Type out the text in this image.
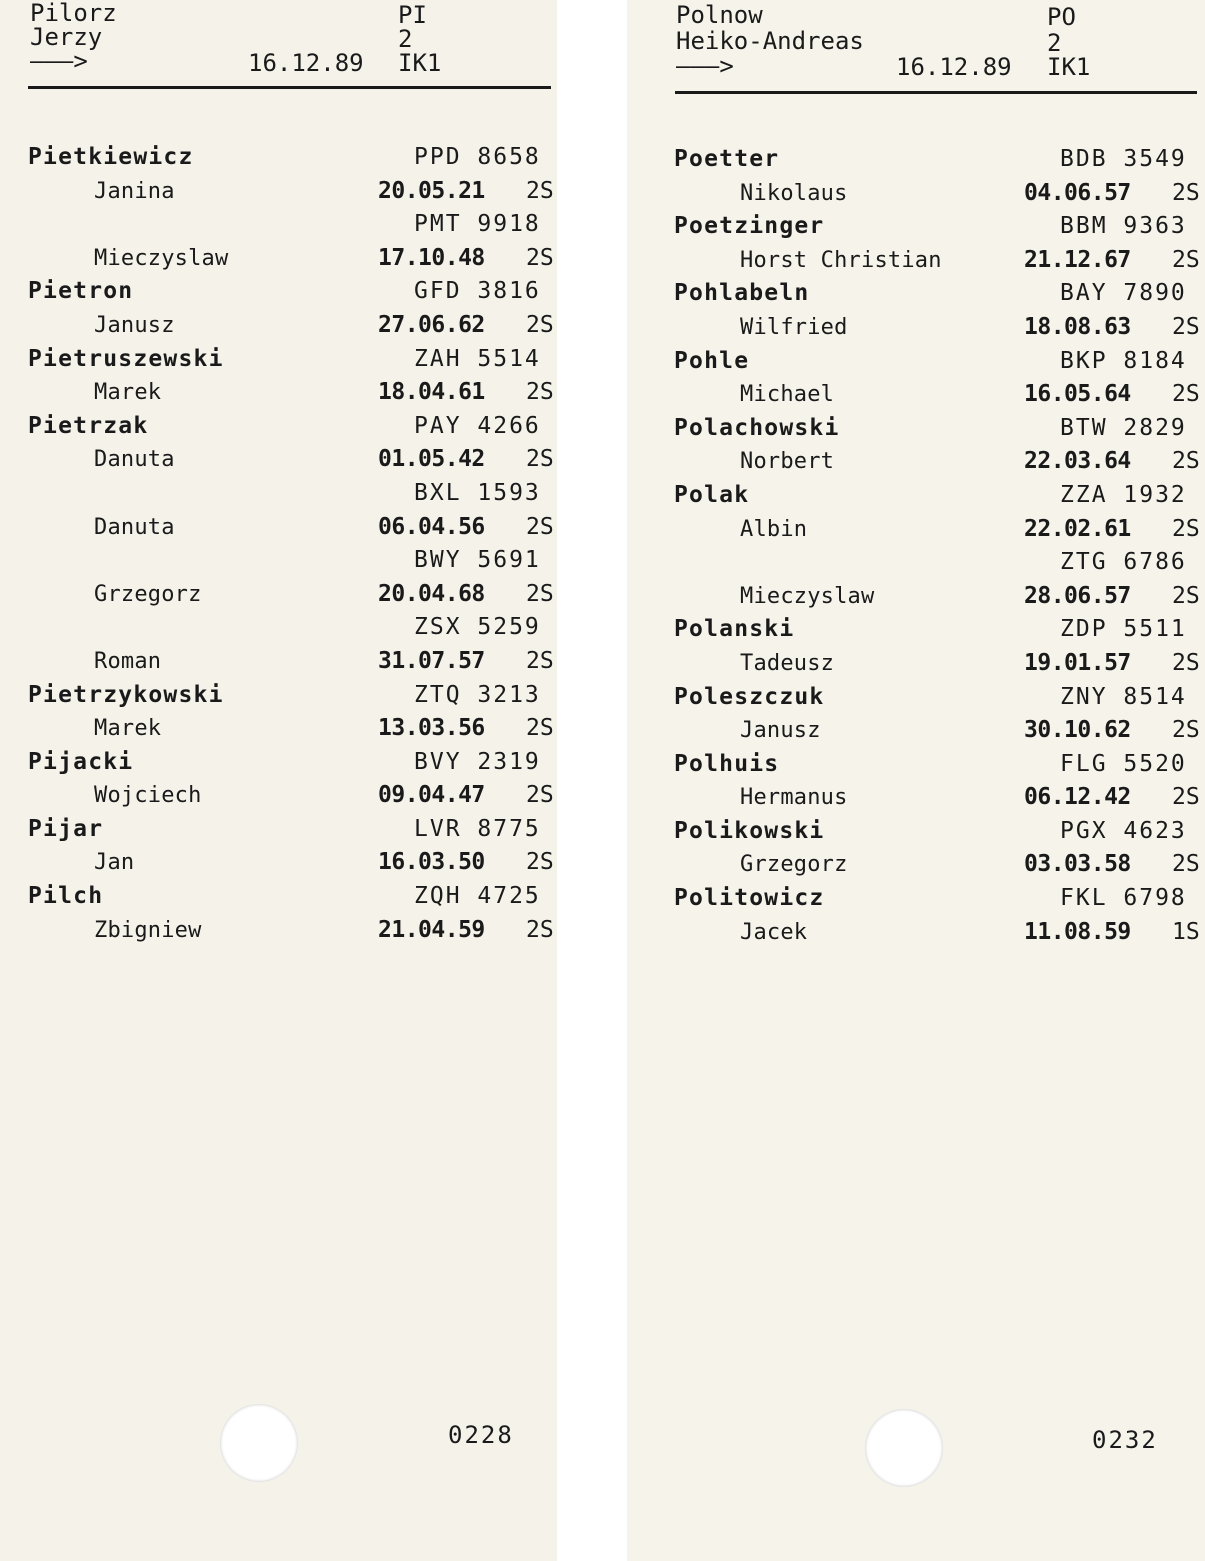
Pilorz
Jerzy
———>	16.12.89
PI
2
IK1
Pietkiewicz	PPD 8658
Janina	20.05.21 2S
PMT 9918
Mieczyslaw	17.10.48 2S
Pietron	GFD 3816
Janusz	27.06.62 2S
Pietruszewski	ZAH 5514
Marek	18.04.61 2S
Pietrzak	PAY 4266
Danuta	01.05.42 2S
BXL 1593
Danuta	06.04.56 2S
BWY 5691
Grzegorz	20.04.68 2S
ZSX 5259
Roman	31.07.57 2S
Pietrzykowski	ZTQ 3213
Marek	13.03.56 2S
Pijacki	BVY 2319
Wojciech	09.04.47 2S
Pijar	LVR 8775
Jan	16.03.50 2S
Pilch	ZQH 4725
Zbigniew	21.04.59 2S
0228
Polnow
Heiko-Andreas
———>	16.12.89
PO
2
IK1
Poetter	BDB 3549
Nikolaus	04.06.57 2S
Poetzinger	BBM 9363
Horst Christian	21.12.67 2S
Pohlabeln	BAY 7890
Wilfried	18.08.63 2S
Pohle	BKP 8184
Michael	16.05.64 2S
Polachowski	BTW 2829
Norbert	22.03.64 2S
Polak	ZZA 1932
Albin	22.02.61 2S
ZTG 6786
Mieczyslaw	28.06.57 2S
Polanski	ZDP 5511
Tadeusz	19.01.57 2S
Poleszczuk	ZNY 8514
Janusz	30.10.62 2S
Polhuis	FLG 5520
Hermanus	06.12.42 2S
Polikowski	PGX 4623
Grzegorz	03.03.58 2S
Politowicz	FKL 6798
Jacek	11.08.59 1S
0232
